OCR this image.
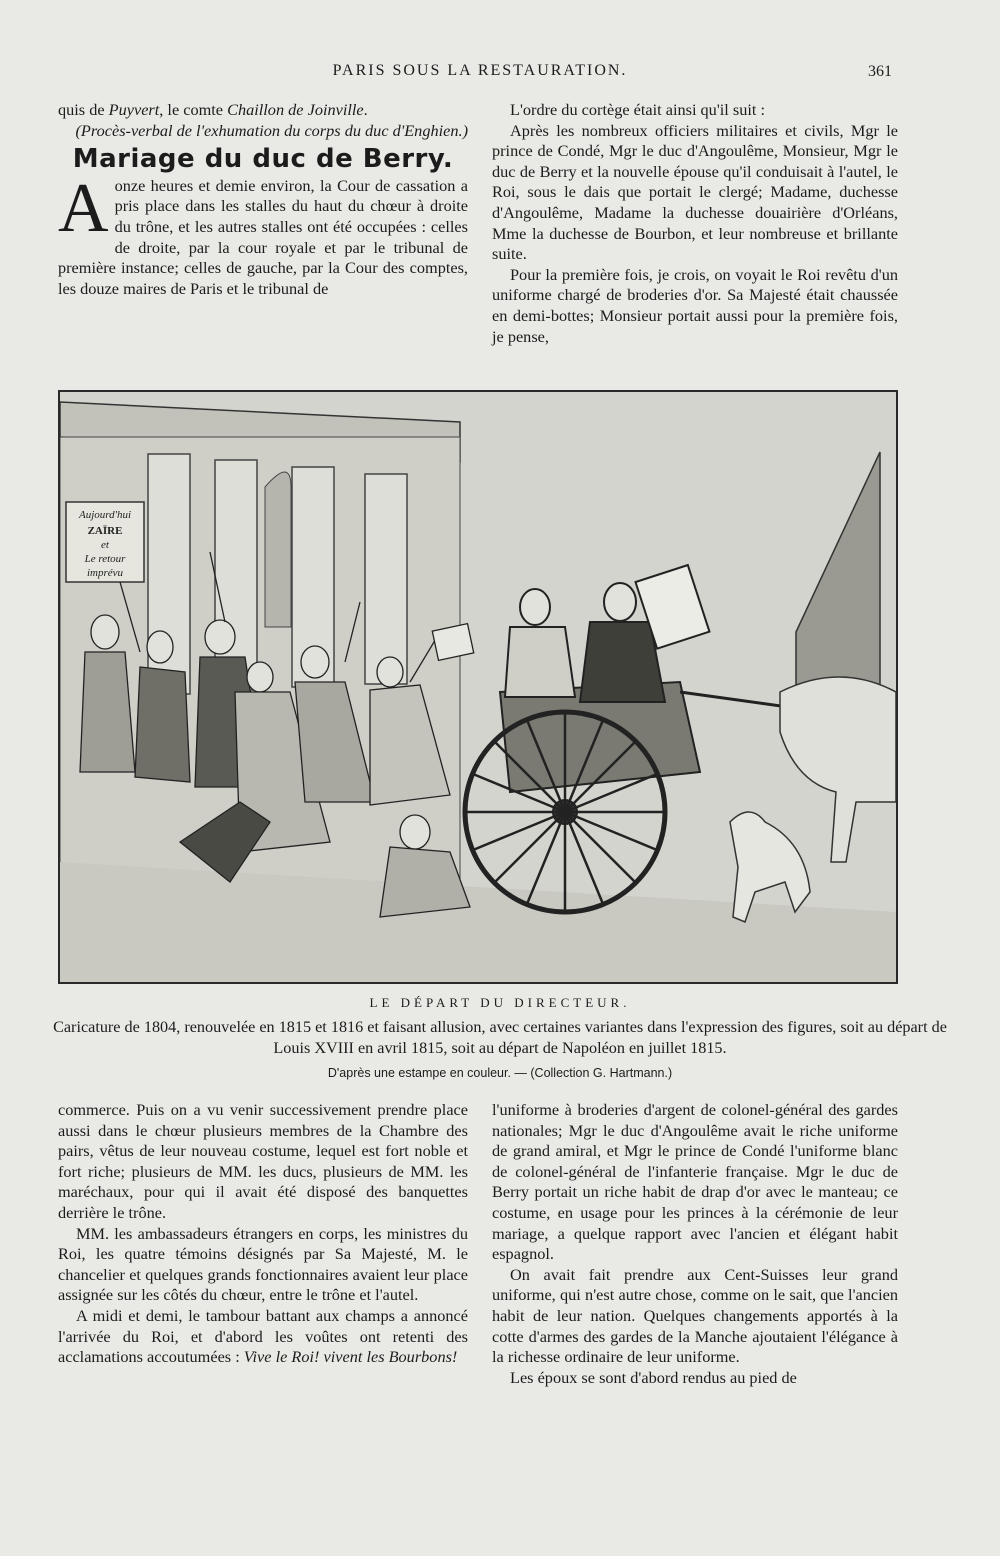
PARIS SOUS LA RESTAURATION.	361

quis de Puyvert, le comte Chaillon de Joinville.

(Procès-verbal de l'exhumation du corps du duc d'Enghien.)

Mariage du duc de Berry.

Aonze heures et demie environ, la Cour de cassation a pris place dans les stalles du haut du chœur à droite du trône, et les autres stalles ont été occupées : celles de droite, par la cour royale et par le tribunal de première instance; celles de gauche, par la Cour des comptes, les douze maires de Paris et le tribunal de

L'ordre du cortège était ainsi qu'il suit :

Après les nombreux officiers militaires et civils, Mgr le prince de Condé, Mgr le duc d'Angoulême, Monsieur, Mgr le duc de Berry et la nouvelle épouse qu'il conduisait à l'autel, le Roi, sous le dais que portait le clergé; Madame, duchesse d'Angoulême, Madame la duchesse douairière d'Orléans, Mme la duchesse de Bourbon, et leur nombreuse et brillante suite.

Pour la première fois, je crois, on voyait le Roi revêtu d'un uniforme chargé de broderies d'or. Sa Majesté était chaussée en demi-bottes; Monsieur portait aussi pour la première fois, je pense,

Aujourd'hui
ZAÏRE
et
Le retour
imprévu
LE DÉPART DU DIRECTEUR.
Caricature de 1804, renouvelée en 1815 et 1816 et faisant allusion, avec certaines variantes dans l'expression des figures, soit au départ de Louis XVIII en avril 1815, soit au départ de Napoléon en juillet 1815.
D'après une estampe en couleur. — (Collection G. Hartmann.)

commerce. Puis on a vu venir successivement prendre place aussi dans le chœur plusieurs membres de la Chambre des pairs, vêtus de leur nouveau costume, lequel est fort noble et fort riche; plusieurs de MM. les ducs, plusieurs de MM. les maréchaux, pour qui il avait été disposé des banquettes derrière le trône.

MM. les ambassadeurs étrangers en corps, les ministres du Roi, les quatre témoins désignés par Sa Majesté, M. le chancelier et quelques grands fonctionnaires avaient leur place assignée sur les côtés du chœur, entre le trône et l'autel.

A midi et demi, le tambour battant aux champs a annoncé l'arrivée du Roi, et d'abord les voûtes ont retenti des acclamations accoutumées : Vive le Roi! vivent les Bourbons!

l'uniforme à broderies d'argent de colonel-général des gardes nationales; Mgr le duc d'Angoulême avait le riche uniforme de grand amiral, et Mgr le prince de Condé l'uniforme blanc de colonel-général de l'infanterie française. Mgr le duc de Berry portait un riche habit de drap d'or avec le manteau; ce costume, en usage pour les princes à la cérémonie de leur mariage, a quelque rapport avec l'ancien et élégant habit espagnol.

On avait fait prendre aux Cent-Suisses leur grand uniforme, qui n'est autre chose, comme on le sait, que l'ancien habit de leur nation. Quelques changements apportés à la cotte d'armes des gardes de la Manche ajoutaient l'élégance à la richesse ordinaire de leur uniforme.

Les époux se sont d'abord rendus au pied de
